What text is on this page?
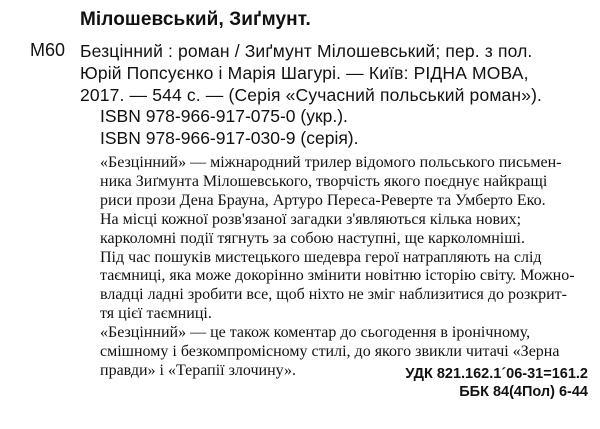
Мілошевський, Зиґмунт.
М60 Безцінний : роман / Зиґмунт Мілошевський; пер. з пол.
Юрій Попсуєнко і Марія Шагурі. — Київ: РІДНА МОВА,
2017. — 544 с. — (Серія «Сучасний польський роман»).
ISBN 978-966-917-075-0 (укр.).
ISBN 978-966-917-030-9 (серія).

«Безцінний» — міжнародний трилер відомого польського письмен-
ника Зиґмунта Мілошевського, творчість якого поєднує найкращі
риси прози Дена Брауна, Артуро Переса-Реверте та Умберто Еко.
На місці кожної розв'язаної загадки з'являються кілька нових;
карколомні події тягнуть за собою наступні, ще карколомніші.

Під час пошуків мистецького шедевра герої натрапляють на слід
таємниці, яка може докорінно змінити новітню історію світу. Можно-
владці ладні зробити все, щоб ніхто не зміг наблизитися до розкрит-
тя цієї таємниці.

«Безцінний» — це також коментар до сьогодення в іронічному,
смішному і безкомпромісному стилі, до якого звикли читачі «Зерна
правди» і «Терапії злочину».	УДК 821.162.1´06-31=161.2
ББК 84(4Пол) 6-44
